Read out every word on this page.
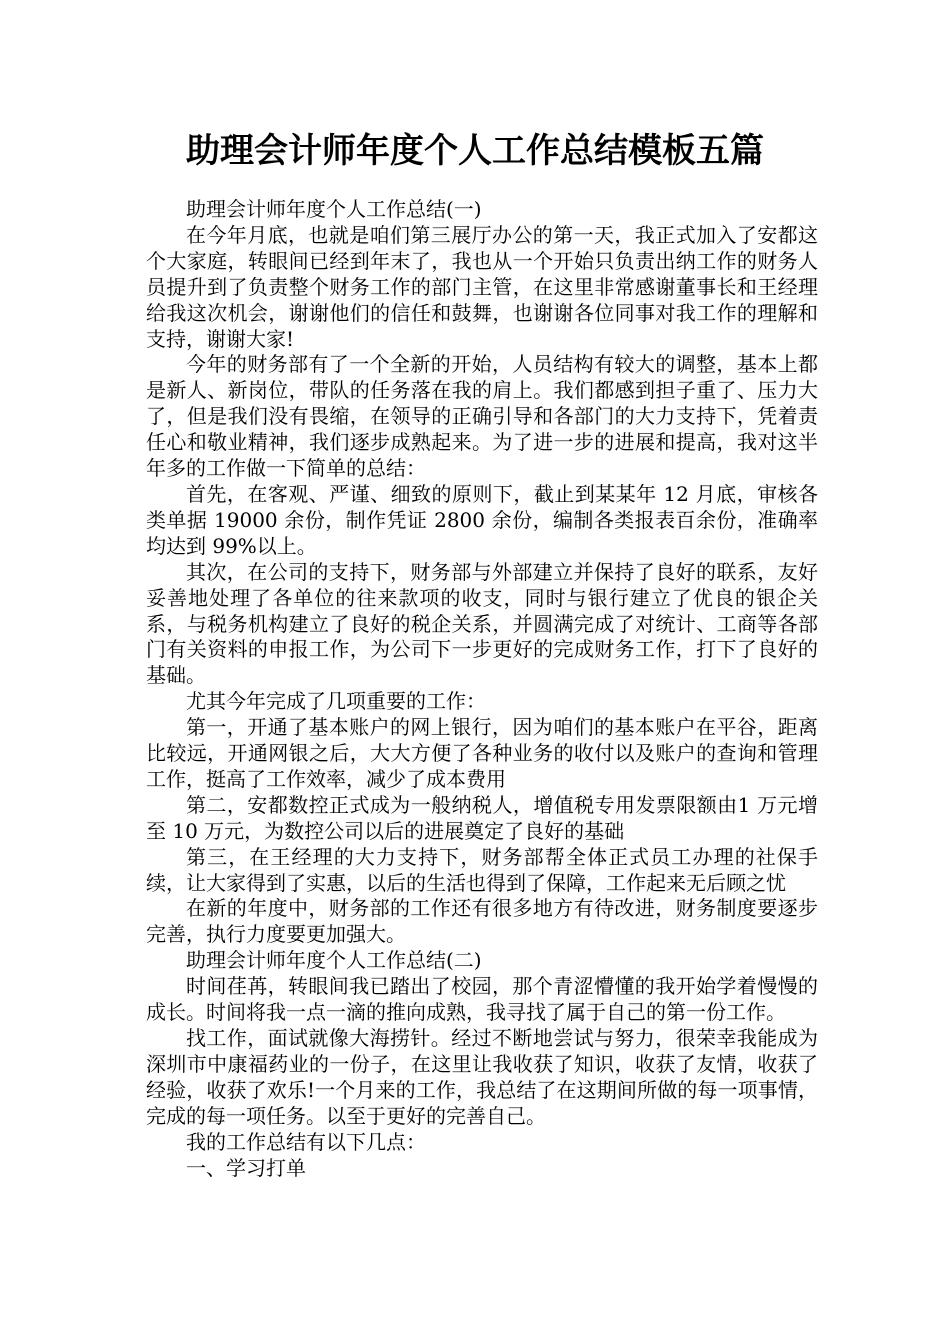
助理会计师年度个人工作总结模板五篇

助理会计师年度个人工作总结(一)

在今年月底，也就是咱们第三展厅办公的第一天，我正式加入了安都这个大家庭，转眼间已经到年末了，我也从一个开始只负责出纳工作的财务人员提升到了负责整个财务工作的部门主管，在这里非常感谢董事长和王经理给我这次机会，谢谢他们的信任和鼓舞，也谢谢各位同事对我工作的理解和支持，谢谢大家!

今年的财务部有了一个全新的开始，人员结构有较大的调整，基本上都是新人、新岗位，带队的任务落在我的肩上。我们都感到担子重了、压力大了，但是我们没有畏缩，在领导的正确引导和各部门的大力支持下，凭着责任心和敬业精神，我们逐步成熟起来。为了进一步的进展和提高，我对这半年多的工作做一下简单的总结：

首先，在客观、严谨、细致的原则下，截止到某某年 12 月底，审核各类单据 19000 余份，制作凭证 2800 余份，编制各类报表百余份，准确率均达到 99%以上。

其次，在公司的支持下，财务部与外部建立并保持了良好的联系，友好妥善地处理了各单位的往来款项的收支，同时与银行建立了优良的银企关系，与税务机构建立了良好的税企关系，并圆满完成了对统计、工商等各部门有关资料的申报工作，为公司下一步更好的完成财务工作，打下了良好的基础。

尤其今年完成了几项重要的工作：

第一，开通了基本账户的网上银行，因为咱们的基本账户在平谷，距离比较远，开通网银之后，大大方便了各种业务的收付以及账户的查询和管理工作，挺高了工作效率，减少了成本费用

第二，安都数控正式成为一般纳税人，增值税专用发票限额由1 万元增至 10 万元，为数控公司以后的进展奠定了良好的基础

第三，在王经理的大力支持下，财务部帮全体正式员工办理的社保手续，让大家得到了实惠，以后的生活也得到了保障，工作起来无后顾之忧

在新的年度中，财务部的工作还有很多地方有待改进，财务制度要逐步完善，执行力度要更加强大。

助理会计师年度个人工作总结(二)

时间荏苒，转眼间我已踏出了校园，那个青涩懵懂的我开始学着慢慢的成长。时间将我一点一滴的推向成熟，我寻找了属于自己的第一份工作。

找工作，面试就像大海捞针。经过不断地尝试与努力，很荣幸我能成为深圳市中康福药业的一份子，在这里让我收获了知识，收获了友情，收获了经验，收获了欢乐!一个月来的工作，我总结了在这期间所做的每一项事情，完成的每一项任务。以至于更好的完善自己。

我的工作总结有以下几点：

一、学习打单
